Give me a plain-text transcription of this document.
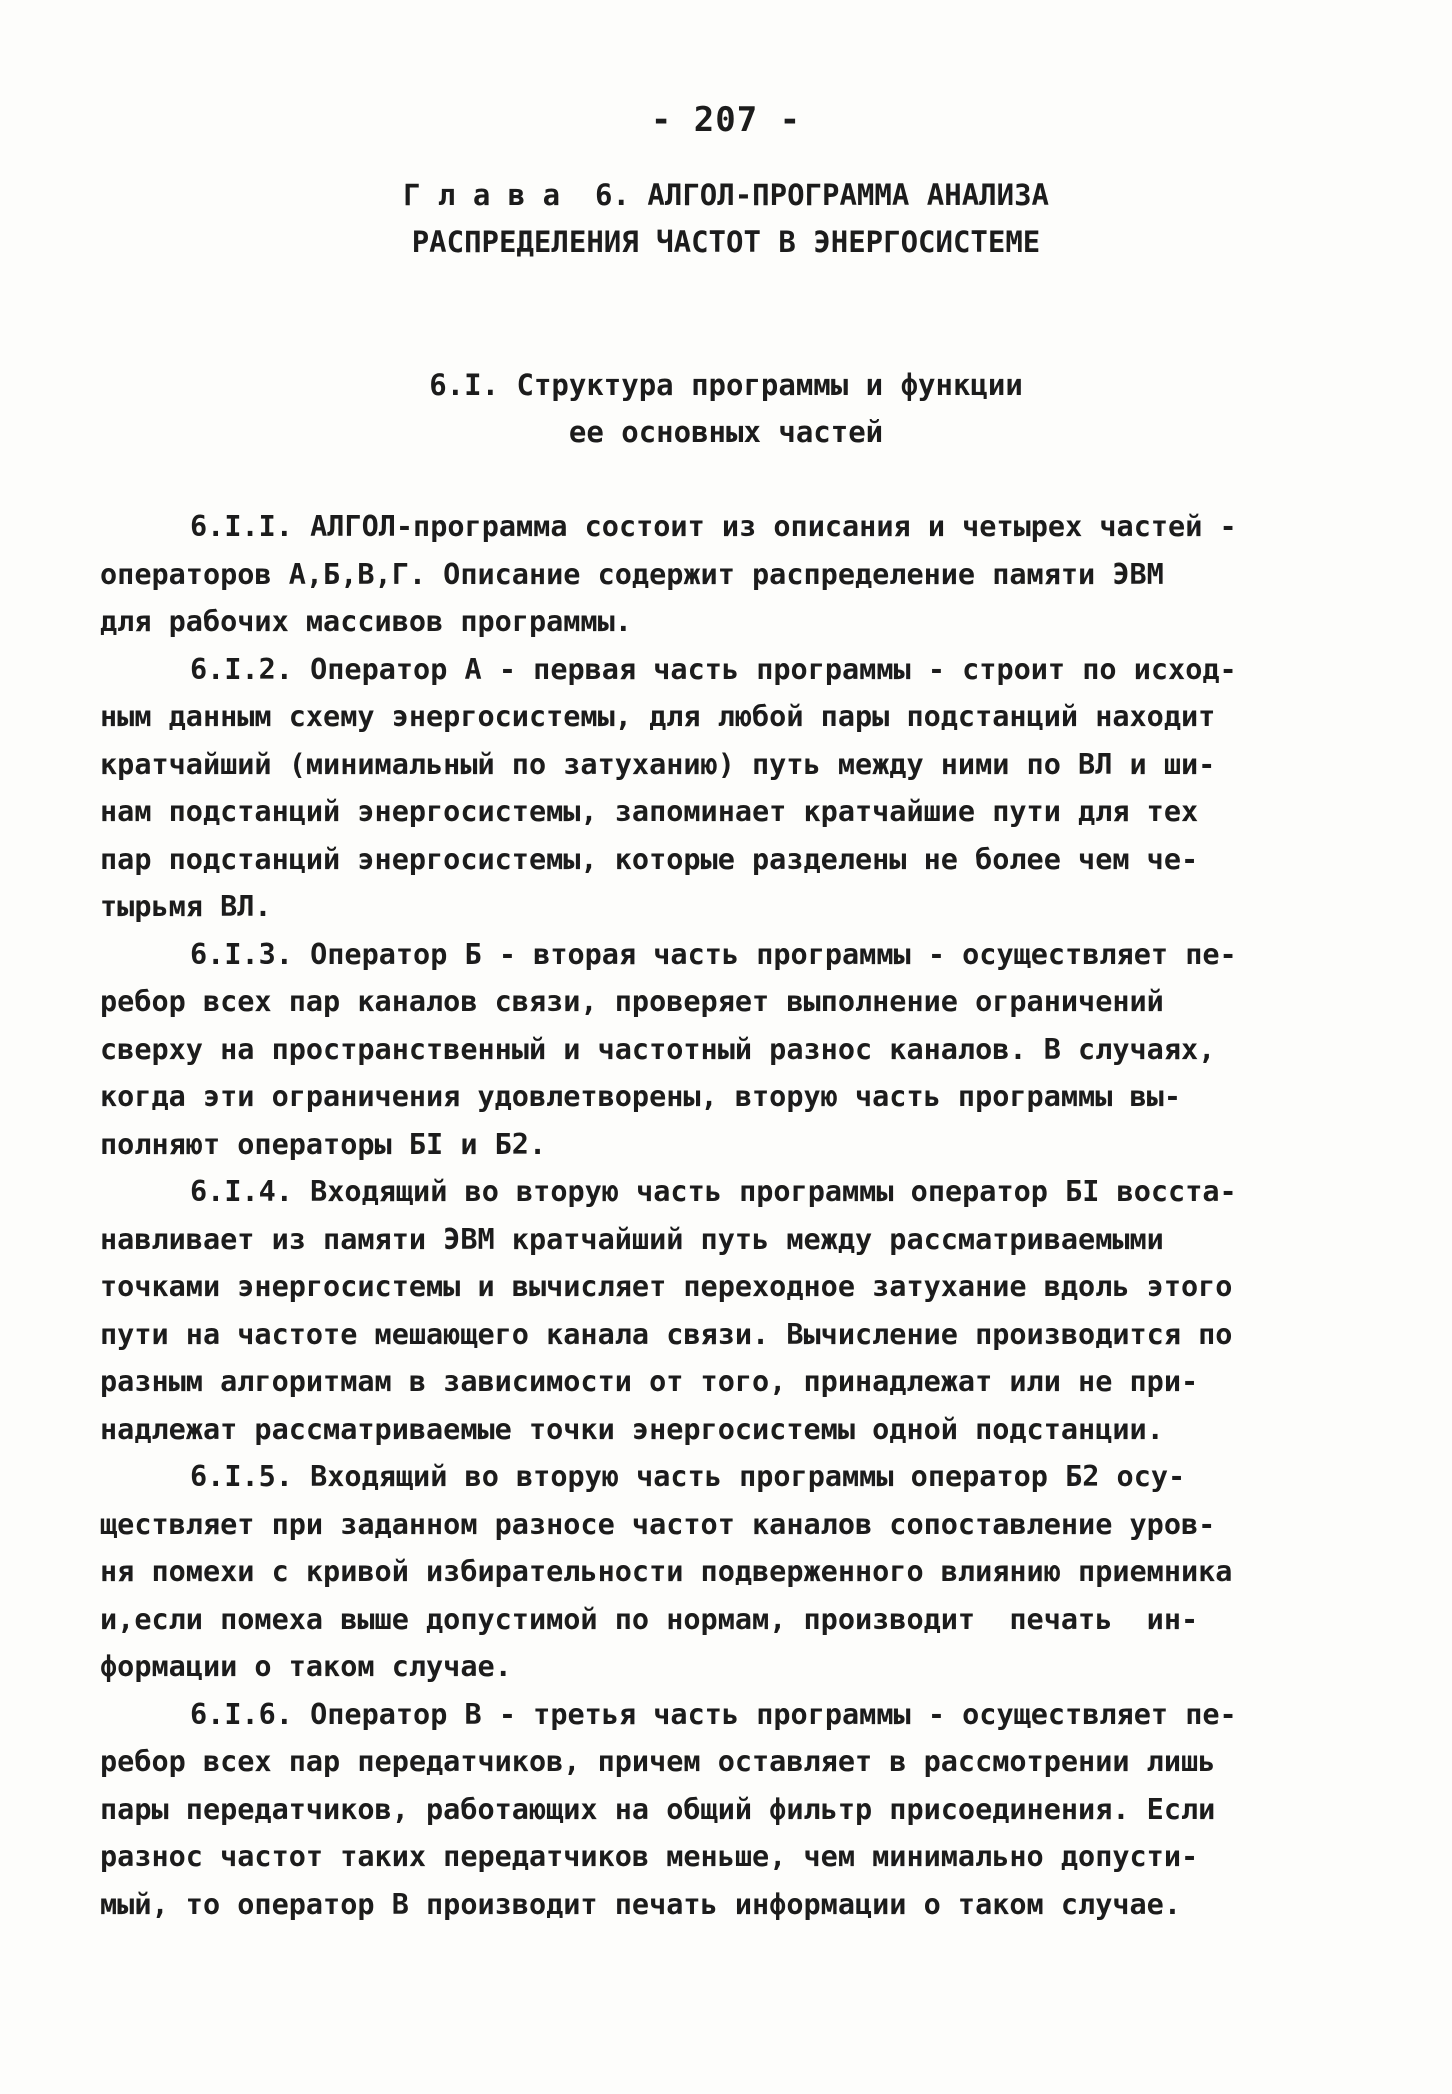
- 207 -
Г л а в а  6. АЛГОЛ-ПРОГРАММА АНАЛИЗА
РАСПРЕДЕЛЕНИЯ ЧАСТОТ В ЭНЕРГОСИСТЕМЕ
6.I. Структура программы и функции
ее основных частей
6.I.I. АЛГОЛ-программа состоит из описания и четырех частей -
операторов А,Б,В,Г. Описание содержит распределение памяти ЭВМ
для рабочих массивов программы.
6.I.2. Оператор А - первая часть программы - строит по исход-
ным данным схему энергосистемы, для любой пары подстанций находит
кратчайший (минимальный по затуханию) путь между ними по ВЛ и ши-
нам подстанций энергосистемы, запоминает кратчайшие пути для тех
пар подстанций энергосистемы, которые разделены не более чем че-
тырьмя ВЛ.
6.I.3. Оператор Б - вторая часть программы - осуществляет пе-
ребор всех пар каналов связи, проверяет выполнение ограничений
сверху на пространственный и частотный разнос каналов. В случаях,
когда эти ограничения удовлетворены, вторую часть программы вы-
полняют операторы БI и Б2.
6.I.4. Входящий во вторую часть программы оператор БI восста-
навливает из памяти ЭВМ кратчайший путь между рассматриваемыми
точками энергосистемы и вычисляет переходное затухание вдоль этого
пути на частоте мешающего канала связи. Вычисление производится по
разным алгоритмам в зависимости от того, принадлежат или не при-
надлежат рассматриваемые точки энергосистемы одной подстанции.
6.I.5. Входящий во вторую часть программы оператор Б2 осу-
ществляет при заданном разносе частот каналов сопоставление уров-
ня помехи с кривой избирательности подверженного влиянию приемника
и,если помеха выше допустимой по нормам, производит  печать  ин-
формации о таком случае.
6.I.6. Оператор В - третья часть программы - осуществляет пе-
ребор всех пар передатчиков, причем оставляет в рассмотрении лишь
пары передатчиков, работающих на общий фильтр присоединения. Если
разнос частот таких передатчиков меньше, чем минимально допусти-
мый, то оператор В производит печать информации о таком случае.
